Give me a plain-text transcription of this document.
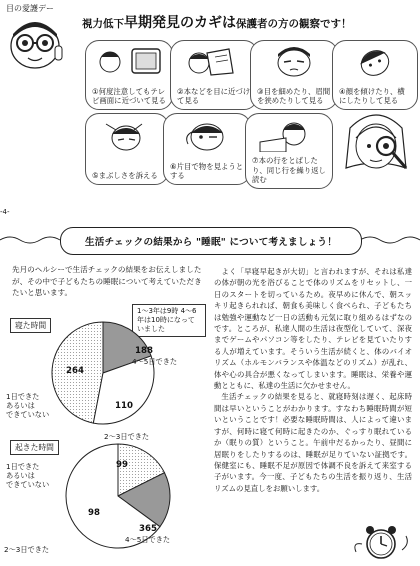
目の愛護デー
視力低下早期発見のカギは保護者の方の観察です！
①何度注意してもテレビ画面に近づいて見る
②本などを目に近づけて見る
③目を細めたり、眉間を狭めたりして見る
④顔を傾けたり、横にしたりして見る
⑤まぶしさを訴える
⑥片目で物を見ようとする
⑦本の行をとばしたり、同じ行を繰り返し読む
-4-
生活チェックの結果から "睡眠" について考えましょう！
先月のヘルシーで生活チェックの結果をお伝えしましたが、その中で子どもたちの睡眠について考えていただきたいと思います。
寝た時間
1～3年は9時 4～6年は10時になっていました
264
188
4～5日できた
110
1日できた
あるいは
できていない
2～3日できた
起きた時間
99
98
365
1日できた
あるいは
できていない
4～5日できた
2～3日できた

よく「早寝早起きが大切」と言われますが、それは私達の体が朝の光を浴びることで体のリズムをリセットし、一日のスタートを切っているため。夜早めに休んで、朝スッキリ起きられれば、朝食も美味しく食べられ、子どもたちは勉強や運動など一日の活動も元気に取り組めるはずなのです。ところが、私達人間の生活は夜型化していて、深夜までゲームやパソコン等をしたり、テレビを見ていたりする人が増えています。そういう生活が続くと、体のバイオリズム（ホルモンバランスや体温などのリズム）が乱れ、体や心の具合が悪くなってしまいます。睡眠は、栄養や運動とともに、私達の生活に欠かせません。

生活チェックの結果を見ると、就寝時刻は遅く、起床時間は早いということがわかります。すなわち睡眠時間が短いということです！必要な睡眠時間は、人によって違いますが、何時に寝て何時に起きたのか、ぐっすり眠れているか（眠りの質）ということ。午前中だるかったり、昼間に居眠りをしたりするのは、睡眠が足りていない証拠です。保健室にも、睡眠不足が原因で体調不良を訴えて来室する子がいます。今一度、子どもたちの生活を振り返り、生活リズムの見直しをお願いします。
